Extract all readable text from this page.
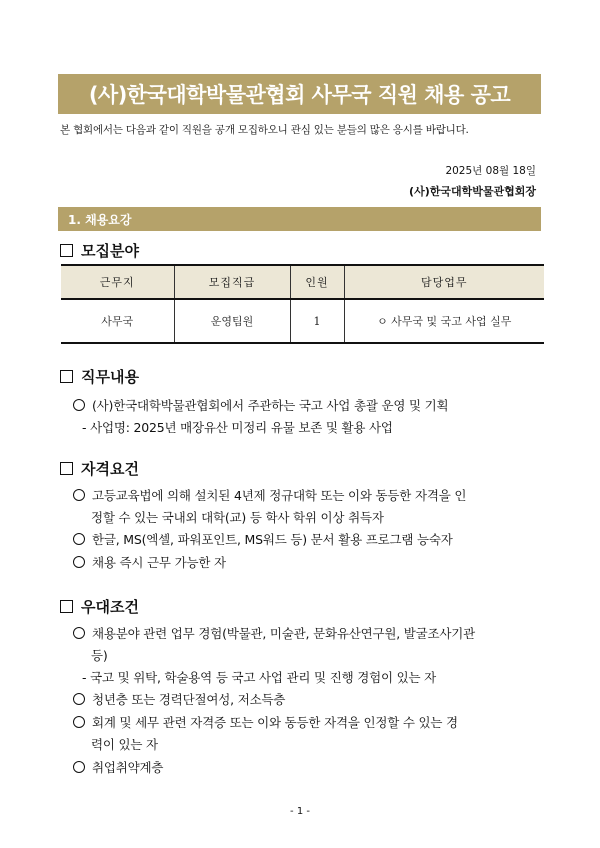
(사)한국대학박물관협회 사무국 직원 채용 공고
본 협회에서는 다음과 같이 직원을 공개 모집하오니 관심 있는 분들의 많은 응시를 바랍니다.
2025년 08월 18일
(사)한국대학박물관협회장
1. 채용요강
모집분야
근무지	모집직급	인원	담당업무
사무국	운영팀원	1	ㅇ 사무국 및 국고 사업 실무
직무내용
(사)한국대학박물관협회에서 주관하는 국고 사업 총괄 운영 및 기획
- 사업명: 2025년 매장유산 미정리 유물 보존 및 활용 사업
자격요건
고등교육법에 의해 설치된 4년제 정규대학 또는 이와 동등한 자격을 인
정할 수 있는 국내외 대학(교) 등 학사 학위 이상 취득자
한글, MS(엑셀, 파워포인트, MS워드 등) 문서 활용 프로그램 능숙자
채용 즉시 근무 가능한 자
우대조건
채용분야 관련 업무 경험(박물관, 미술관, 문화유산연구원, 발굴조사기관
등)
- 국고 및 위탁, 학술용역 등 국고 사업 관리 및 진행 경험이 있는 자
청년층 또는 경력단절여성, 저소득층
회계 및 세무 관련 자격증 또는 이와 동등한 자격을 인정할 수 있는 경
력이 있는 자
취업취약계층
- 1 -
